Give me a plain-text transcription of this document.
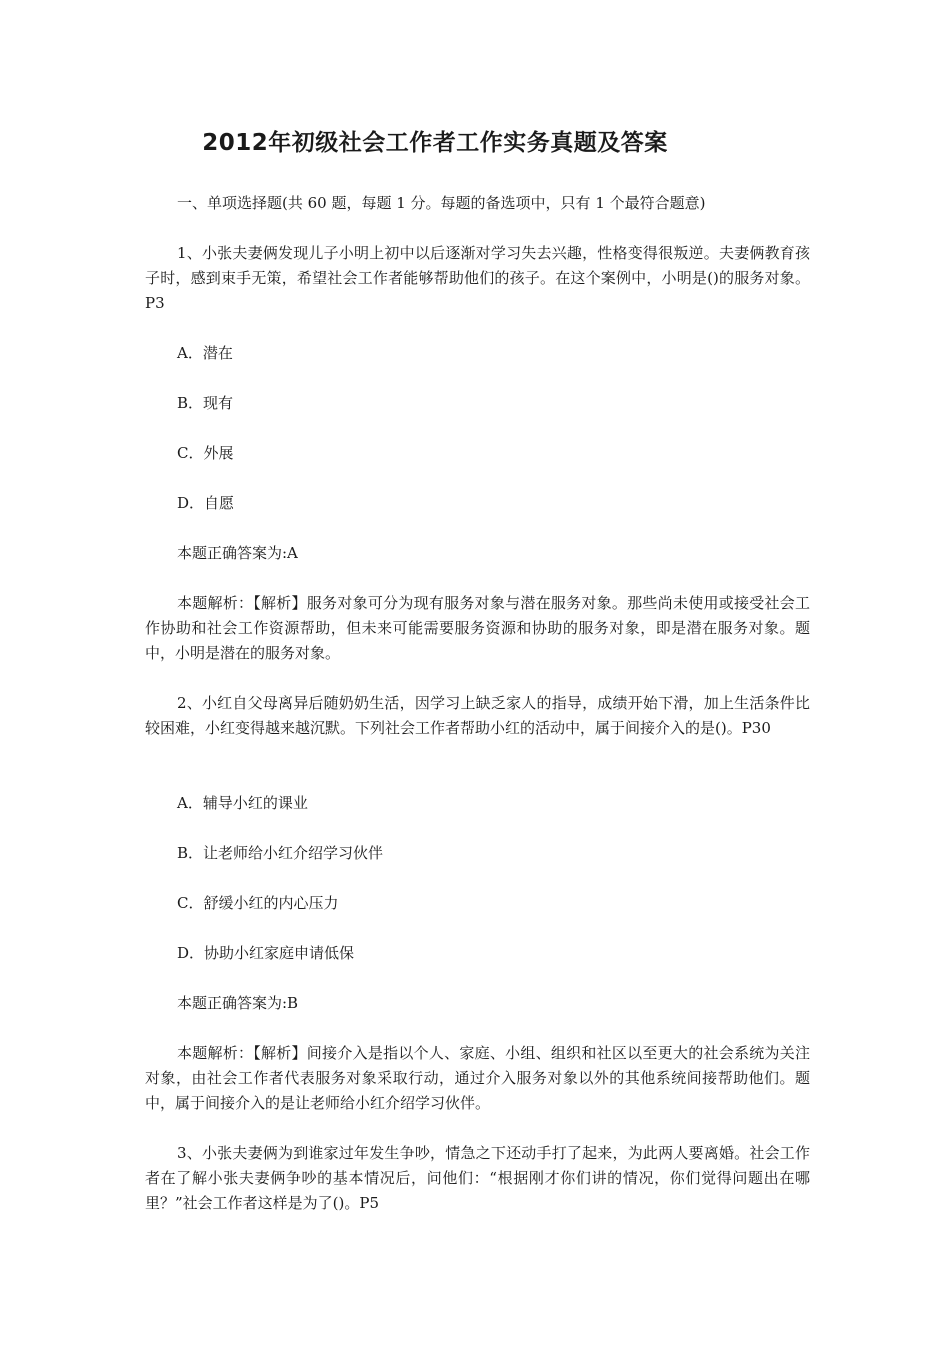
2012年初级社会工作者工作实务真题及答案

一、单项选择题(共 60 题，每题 1 分。每题的备选项中，只有 1 个最符合题意)

1、小张夫妻俩发现儿子小明上初中以后逐渐对学习失去兴趣，性格变得很叛逆。夫妻俩教育孩子时，感到束手无策，希望社会工作者能够帮助他们的孩子。在这个案例中，小明是()的服务对象。P3

A．潜在

B．现有

C．外展

D．自愿

本题正确答案为:A

本题解析：【解析】服务对象可分为现有服务对象与潜在服务对象。那些尚未使用或接受社会工作协助和社会工作资源帮助，但未来可能需要服务资源和协助的服务对象，即是潜在服务对象。题中，小明是潜在的服务对象。

2、小红自父母离异后随奶奶生活，因学习上缺乏家人的指导，成绩开始下滑，加上生活条件比较困难，小红变得越来越沉默。下列社会工作者帮助小红的活动中，属于间接介入的是()。P30

A．辅导小红的课业

B．让老师给小红介绍学习伙伴

C．舒缓小红的内心压力

D．协助小红家庭申请低保

本题正确答案为:B

本题解析：【解析】间接介入是指以个人、家庭、小组、组织和社区以至更大的社会系统为关注对象，由社会工作者代表服务对象采取行动，通过介入服务对象以外的其他系统间接帮助他们。题中，属于间接介入的是让老师给小红介绍学习伙伴。

3、小张夫妻俩为到谁家过年发生争吵，情急之下还动手打了起来，为此两人要离婚。社会工作者在了解小张夫妻俩争吵的基本情况后，问他们：“根据刚才你们讲的情况，你们觉得问题出在哪里？”社会工作者这样是为了()。P5
